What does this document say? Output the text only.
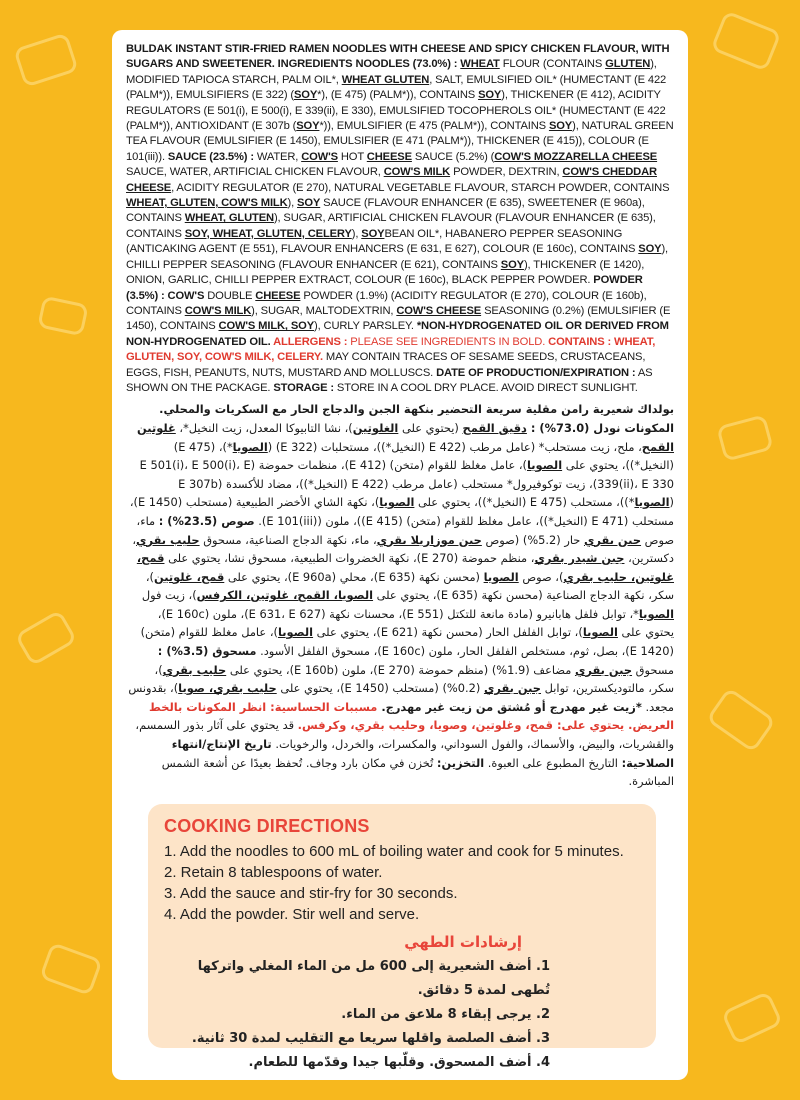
BULDAK INSTANT STIR-FRIED RAMEN NOODLES WITH CHEESE AND SPICY CHICKEN FLAVOUR, WITH SUGARS AND SWEETENER. INGREDIENTS NOODLES (73.0%) : WHEAT FLOUR (CONTAINS GLUTEN), MODIFIED TAPIOCA STARCH, PALM OIL*, WHEAT GLUTEN, SALT, EMULSIFIED OIL* (HUMECTANT (E 422 (PALM*)), EMULSIFIERS (E 322) (SOY*), (E 475) (PALM*)), CONTAINS SOY), THICKENER (E 412), ACIDITY REGULATORS (E 501(i), E 500(i), E 339(ii), E 330), EMULSIFIED TOCOPHEROLS OIL* (HUMECTANT (E 422 (PALM*)), ANTIOXIDANT (E 307b (SOY*)), EMULSIFIER (E 475 (PALM*)), CONTAINS SOY), NATURAL GREEN TEA FLAVOUR (EMULSIFIER (E 1450), EMULSIFIER (E 471 (PALM*)), THICKENER (E 415)), COLOUR (E 101(iii)). SAUCE (23.5%) : WATER, COW'S HOT CHEESE SAUCE (5.2%) (COW'S MOZZARELLA CHEESE SAUCE, WATER, ARTIFICIAL CHICKEN FLAVOUR, COW'S MILK POWDER, DEXTRIN, COW'S CHEDDAR CHEESE, ACIDITY REGULATOR (E 270), NATURAL VEGETABLE FLAVOUR, STARCH POWDER, CONTAINS WHEAT, GLUTEN, COW'S MILK), SOY SAUCE (FLAVOUR ENHANCER (E 635), SWEETENER (E 960a), CONTAINS WHEAT, GLUTEN), SUGAR, ARTIFICIAL CHICKEN FLAVOUR (FLAVOUR ENHANCER (E 635), CONTAINS SOY, WHEAT, GLUTEN, CELERY), SOYBEAN OIL*, HABANERO PEPPER SEASONING (ANTICAKING AGENT (E 551), FLAVOUR ENHANCERS (E 631, E 627), COLOUR (E 160c), CONTAINS SOY), CHILLI PEPPER SEASONING (FLAVOUR ENHANCER (E 621), CONTAINS SOY), THICKENER (E 1420), ONION, GARLIC, CHILLI PEPPER EXTRACT, COLOUR (E 160c), BLACK PEPPER POWDER. POWDER (3.5%) : COW'S DOUBLE CHEESE POWDER (1.9%) (ACIDITY REGULATOR (E 270), COLOUR (E 160b), CONTAINS COW'S MILK), SUGAR, MALTODEXTRIN, COW'S CHEESE SEASONING (0.2%) (EMULSIFIER (E 1450), CONTAINS COW'S MILK, SOY), CURLY PARSLEY. *NON-HYDROGENATED OIL OR DERIVED FROM NON-HYDROGENATED OIL. ALLERGENS : PLEASE SEE INGREDIENTS IN BOLD. CONTAINS : WHEAT, GLUTEN, SOY, COW'S MILK, CELERY. MAY CONTAIN TRACES OF SESAME SEEDS, CRUSTACEANS, EGGS, FISH, PEANUTS, NUTS, MUSTARD AND MOLLUSCS. DATE OF PRODUCTION/EXPIRATION : AS SHOWN ON THE PACKAGE. STORAGE : STORE IN A COOL DRY PLACE. AVOID DIRECT SUNLIGHT.
بولداك شعيرية رامن مقلية سريعة التحضير بنكهة الجبن والدجاج الحار مع السكريات والمحلي. المكونات نودل (73.0%) : دقيق القمح (يحتوي على الغلوتين)، نشا التابيوكا المعدل، زيت النخيل*، غلوتين القمح، ملح، زيت مستحلب* (عامل مرطب (E 422 (النخيل*))، مستحلبات (E 322) (الصويا*)، (E 475) (النخيل*))، يحتوي على الصويا)، عامل مغلظ للقوام (متخن) (E 412)، منظمات حموضة (E 501(i)، E 500(i)، E 339(ii)، E 330)، زيت توكوفيرول* مستحلب (عامل مرطب (E 422 (النخيل*))، مضاد للأكسدة (E 307b (الصويا*))، مستحلب (E 475 (النخيل*))، يحتوي على الصويا)، نكهة الشاي الأخضر الطبيعية (مستحلب (E 1450)، مستحلب (E 471 (النخيل*))، عامل مغلظ للقوام (متخن) (E 415))، ملون (E 101(iii)). صوص (23.5%) : ماء، صوص جبن بقري حار (5.2%) (صوص جبن موزاريلا بقري، ماء، نكهة الدجاج الصناعية، مسحوق حليب بقري، دكسترين، جبن شيدر بقري، منظم حموضة (E 270)، نكهة الخضروات الطبيعية، مسحوق نشا، يحتوي على قمح، غلوتين، حليب بقري)، صوص الصويا (محسن نكهة (E 635)، محلي (E 960a)، يحتوي على قمح، غلوتين)، سكر، نكهة الدجاج الصناعية (محسن نكهة (E 635)، يحتوي على الصويا، القمح، غلوتين، الكرفس)، زيت فول الصويا*، توابل فلفل هابانيرو (مادة مانعة للتكتل (E 551)، محسنات نكهة (E 631، E 627)، ملون (E 160c)، يحتوي على الصويا)، توابل الفلفل الحار (محسن نكهة (E 621)، يحتوي على الصويا)، عامل مغلظ للقوام (متخن) (E 1420)، بصل، ثوم، مستخلص الفلفل الحار، ملون (E 160c)، مسحوق الفلفل الأسود. مسحوق (3.5%) : مسحوق جبن بقري مضاعف (1.9%) (منظم حموضة (E 270)، ملون (E 160b)، يحتوي على حليب بقري)، سكر، مالتوديكسترين، توابل جبن بقري (0.2%) (مستحلب (E 1450)، يحتوي على حليب بقري، صويا)، بقدونس مجعد. *زيت غير مهدرج أو مُشتق من زيت غير مهدرج. مسببات الحساسية: انظر المكونات بالخط العريض. يحتوي على: قمح، وغلوتين، وصويا، وحليب بقري، وكرفس. قد يحتوي على آثار بذور السمسم، والقشريات، والبيض، والأسماك، والفول السوداني، والمكسرات، والخردل، والرخويات. تاريخ الإنتاج/انتهاء الصلاحية: التاريخ المطبوع على العبوة. التخزين: تُخزن في مكان بارد وجاف. تُحفظ بعيدًا عن أشعة الشمس المباشرة.
COOKING DIRECTIONS
1. Add the noodles to 600 mL of boiling water and cook for 5 minutes.
2. Retain 8 tablespoons of water.
3. Add the sauce and stir-fry for 30 seconds.
4. Add the powder. Stir well and serve.
إرشادات الطهي
1. أضف الشعيرية إلى 600 مل من الماء المغلي واتركها تُطهى لمدة 5 دقائق.
2. يرجى إبقاء 8 ملاعق من الماء.
3. أضف الصلصة واقلها سريعا مع التقليب لمدة 30 ثانية.
4. أضف المسحوق. وقلّبها جيدا وقدّمها للطعام.
